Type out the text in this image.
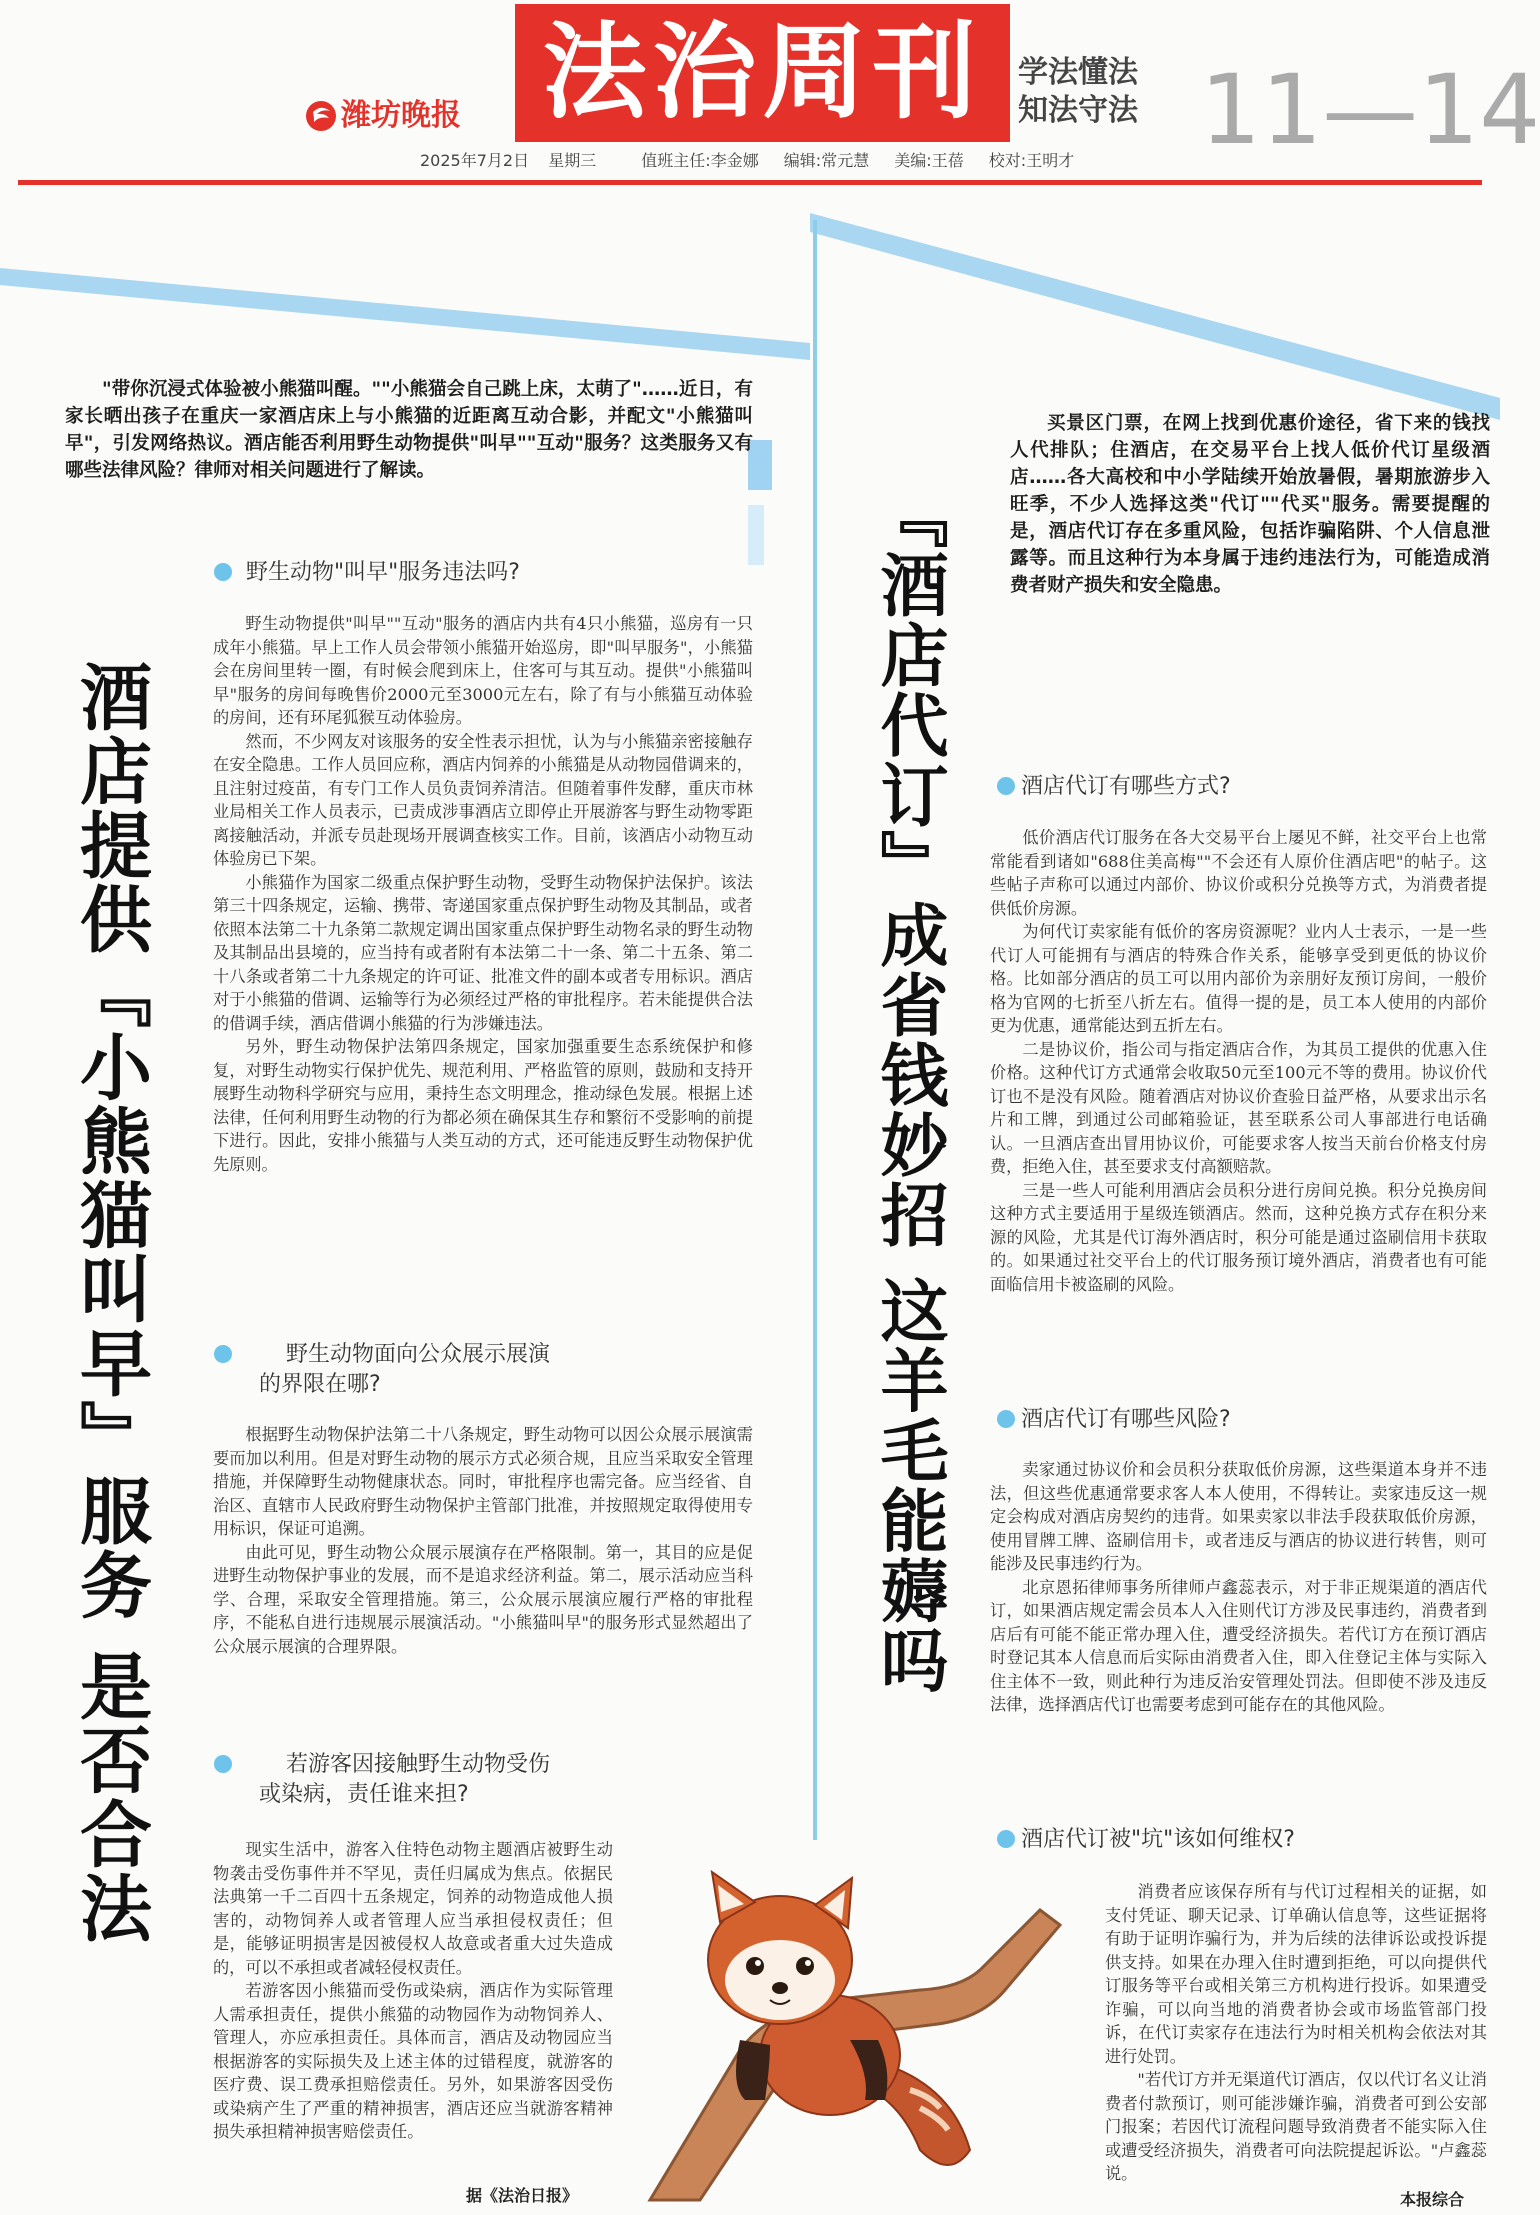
潍坊晚报 法治周刊	学法懂法
知法守法 11—14
2025年7月2日 星期三	值班主任:李金娜 编辑:常元慧 美编:王蓓 校对:王明才
酒店提供『小熊猫叫早』服务 是否合法

"带你沉浸式体验被小熊猫叫醒。""小熊猫会自己跳上床，太萌了"……近日，有家长晒出孩子在重庆一家酒店床上与小熊猫的近距离互动合影，并配文"小熊猫叫早"，引发网络热议。酒店能否利用野生动物提供"叫早""互动"服务？这类服务又有哪些法律风险？律师对相关问题进行了解读。

野生动物"叫早"服务违法吗?

野生动物提供"叫早""互动"服务的酒店内共有4只小熊猫，巡房有一只成年小熊猫。早上工作人员会带领小熊猫开始巡房，即"叫早服务"，小熊猫会在房间里转一圈，有时候会爬到床上，住客可与其互动。提供"小熊猫叫早"服务的房间每晚售价2000元至3000元左右，除了有与小熊猫互动体验的房间，还有环尾狐猴互动体验房。

然而，不少网友对该服务的安全性表示担忧，认为与小熊猫亲密接触存在安全隐患。工作人员回应称，酒店内饲养的小熊猫是从动物园借调来的，且注射过疫苗，有专门工作人员负责饲养清洁。但随着事件发酵，重庆市林业局相关工作人员表示，已责成涉事酒店立即停止开展游客与野生动物零距离接触活动，并派专员赴现场开展调查核实工作。目前，该酒店小动物互动体验房已下架。

小熊猫作为国家二级重点保护野生动物，受野生动物保护法保护。该法第三十四条规定，运输、携带、寄递国家重点保护野生动物及其制品，或者依照本法第二十九条第二款规定调出国家重点保护野生动物名录的野生动物及其制品出县境的，应当持有或者附有本法第二十一条、第二十五条、第二十八条或者第二十九条规定的许可证、批准文件的副本或者专用标识。酒店对于小熊猫的借调、运输等行为必须经过严格的审批程序。若未能提供合法的借调手续，酒店借调小熊猫的行为涉嫌违法。

另外，野生动物保护法第四条规定，国家加强重要生态系统保护和修复，对野生动物实行保护优先、规范利用、严格监管的原则，鼓励和支持开展野生动物科学研究与应用，秉持生态文明理念，推动绿色发展。根据上述法律，任何利用野生动物的行为都必须在确保其生存和繁衍不受影响的前提下进行。因此，安排小熊猫与人类互动的方式，还可能违反野生动物保护优先原则。

野生动物面向公众展示展演
的界限在哪?

根据野生动物保护法第二十八条规定，野生动物可以因公众展示展演需要而加以利用。但是对野生动物的展示方式必须合规，且应当采取安全管理措施，并保障野生动物健康状态。同时，审批程序也需完备。应当经省、自治区、直辖市人民政府野生动物保护主管部门批准，并按照规定取得使用专用标识，保证可追溯。

由此可见，野生动物公众展示展演存在严格限制。第一，其目的应是促进野生动物保护事业的发展，而不是追求经济利益。第二，展示活动应当科学、合理，采取安全管理措施。第三，公众展示展演应履行严格的审批程序，不能私自进行违规展示展演活动。"小熊猫叫早"的服务形式显然超出了公众展示展演的合理界限。

若游客因接触野生动物受伤
或染病，责任谁来担?

现实生活中，游客入住特色动物主题酒店被野生动物袭击受伤事件并不罕见，责任归属成为焦点。依据民法典第一千二百四十五条规定，饲养的动物造成他人损害的，动物饲养人或者管理人应当承担侵权责任；但是，能够证明损害是因被侵权人故意或者重大过失造成的，可以不承担或者减轻侵权责任。

若游客因小熊猫而受伤或染病，酒店作为实际管理人需承担责任，提供小熊猫的动物园作为动物饲养人、管理人，亦应承担责任。具体而言，酒店及动物园应当根据游客的实际损失及上述主体的过错程度，就游客的医疗费、误工费承担赔偿责任。另外，如果游客因受伤或染病产生了严重的精神损害，酒店还应当就游客精神损失承担精神损害赔偿责任。

据《法治日报》
『酒店代订』成省钱妙招 这羊毛能薅吗

买景区门票，在网上找到优惠价途径，省下来的钱找人代排队；住酒店，在交易平台上找人低价代订星级酒店……各大高校和中小学陆续开始放暑假，暑期旅游步入旺季，不少人选择这类"代订""代买"服务。需要提醒的是，酒店代订存在多重风险，包括诈骗陷阱、个人信息泄露等。而且这种行为本身属于违约违法行为，可能造成消费者财产损失和安全隐患。

酒店代订有哪些方式?

低价酒店代订服务在各大交易平台上屡见不鲜，社交平台上也常常能看到诸如"688住美高梅""不会还有人原价住酒店吧"的帖子。这些帖子声称可以通过内部价、协议价或积分兑换等方式，为消费者提供低价房源。

为何代订卖家能有低价的客房资源呢？业内人士表示，一是一些代订人可能拥有与酒店的特殊合作关系，能够享受到更低的协议价格。比如部分酒店的员工可以用内部价为亲朋好友预订房间，一般价格为官网的七折至八折左右。值得一提的是，员工本人使用的内部价更为优惠，通常能达到五折左右。

二是协议价，指公司与指定酒店合作，为其员工提供的优惠入住价格。这种代订方式通常会收取50元至100元不等的费用。协议价代订也不是没有风险。随着酒店对协议价查验日益严格，从要求出示名片和工牌，到通过公司邮箱验证，甚至联系公司人事部进行电话确认。一旦酒店查出冒用协议价，可能要求客人按当天前台价格支付房费，拒绝入住，甚至要求支付高额赔款。

三是一些人可能利用酒店会员积分进行房间兑换。积分兑换房间这种方式主要适用于星级连锁酒店。然而，这种兑换方式存在积分来源的风险，尤其是代订海外酒店时，积分可能是通过盗刷信用卡获取的。如果通过社交平台上的代订服务预订境外酒店，消费者也有可能面临信用卡被盗刷的风险。

酒店代订有哪些风险?

卖家通过协议价和会员积分获取低价房源，这些渠道本身并不违法，但这些优惠通常要求客人本人使用，不得转让。卖家违反这一规定会构成对酒店房契约的违背。如果卖家以非法手段获取低价房源，使用冒牌工牌、盗刷信用卡，或者违反与酒店的协议进行转售，则可能涉及民事违约行为。

北京恩拓律师事务所律师卢鑫蕊表示，对于非正规渠道的酒店代订，如果酒店规定需会员本人入住则代订方涉及民事违约，消费者到店后有可能不能正常办理入住，遭受经济损失。若代订方在预订酒店时登记其本人信息而后实际由消费者入住，即入住登记主体与实际入住主体不一致，则此种行为违反治安管理处罚法。但即使不涉及违反法律，选择酒店代订也需要考虑到可能存在的其他风险。

酒店代订被"坑"该如何维权?

消费者应该保存所有与代订过程相关的证据，如支付凭证、聊天记录、订单确认信息等，这些证据将有助于证明诈骗行为，并为后续的法律诉讼或投诉提供支持。如果在办理入住时遭到拒绝，可以向提供代订服务等平台或相关第三方机构进行投诉。如果遭受诈骗，可以向当地的消费者协会或市场监管部门投诉，在代订卖家存在违法行为时相关机构会依法对其进行处罚。

"若代订方并无渠道代订酒店，仅以代订名义让消费者付款预订，则可能涉嫌诈骗，消费者可到公安部门报案；若因代订流程问题导致消费者不能实际入住或遭受经济损失，消费者可向法院提起诉讼。"卢鑫蕊说。

本报综合
